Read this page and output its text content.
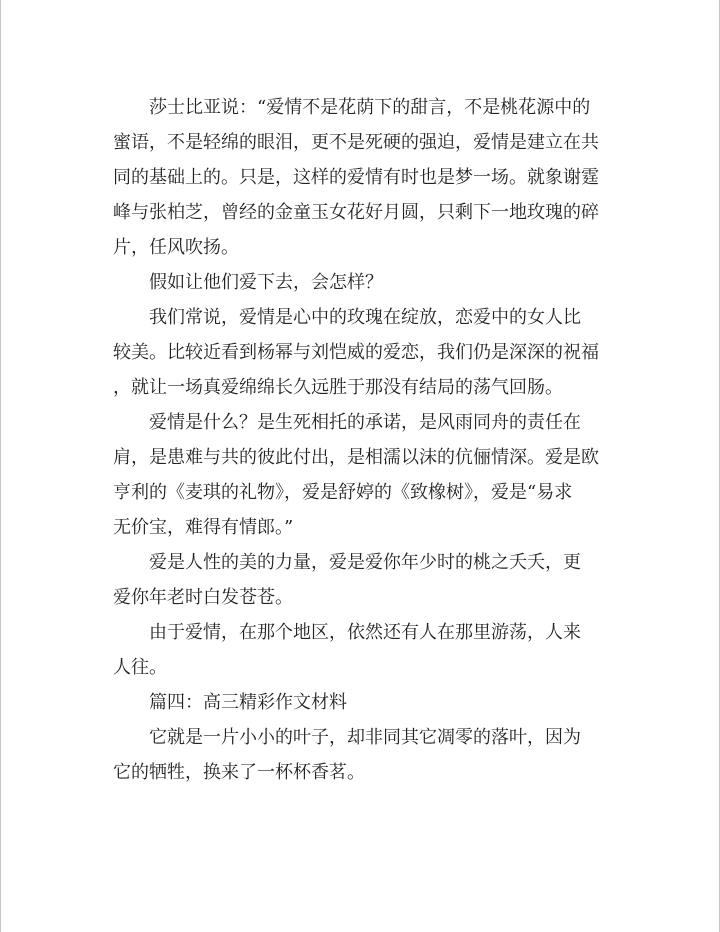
莎士比亚说：“爱情不是花荫下的甜言，不是桃花源中的
蜜语，不是轻绵的眼泪，更不是死硬的强迫，爱情是建立在共
同的基础上的。只是，这样的爱情有时也是梦一场。就象谢霆
峰与张柏芝，曾经的金童玉女花好月圆，只剩下一地玫瑰的碎
片，任风吹扬。
假如让他们爱下去，会怎样？
我们常说，爱情是心中的玫瑰在绽放，恋爱中的女人比
较美。比较近看到杨幂与刘恺威的爱恋，我们仍是深深的祝福
，就让一场真爱绵绵长久远胜于那没有结局的荡气回肠。
爱情是什么？是生死相托的承诺，是风雨同舟的责任在
肩，是患难与共的彼此付出，是相濡以沫的伉俪情深。爱是欧
亨利的《麦琪的礼物》，爱是舒婷的《致橡树》，爱是“易求
无价宝，难得有情郎。”
爱是人性的美的力量，爱是爱你年少时的桃之夭夭，更
爱你年老时白发苍苍。
由于爱情，在那个地区，依然还有人在那里游荡，人来
人往。
篇四：高三精彩作文材料
它就是一片小小的叶子，却非同其它凋零的落叶，因为
它的牺牲，换来了一杯杯香茗。
